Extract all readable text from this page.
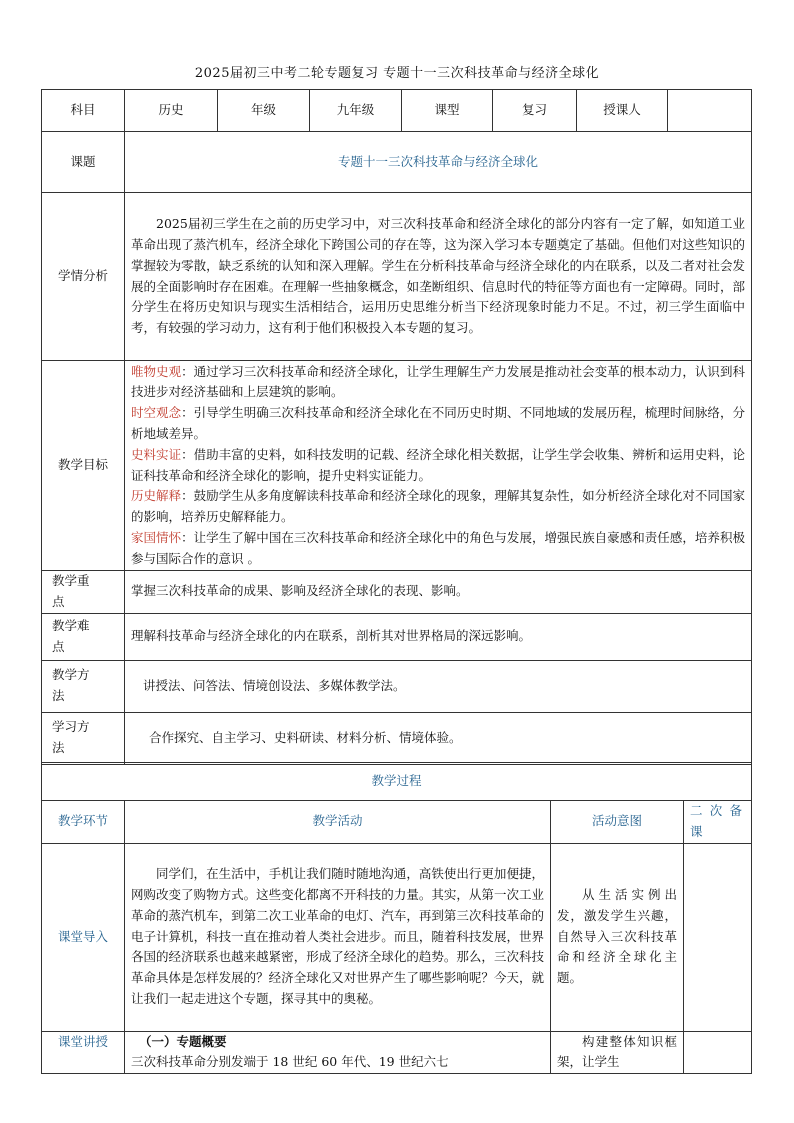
2025届初三中考二轮专题复习 专题十一三次科技革命与经济全球化
科目	历史	年级	九年级	课型	复习	授课人	
课题	专题十一三次科技革命与经济全球化						
学情分析	2025届初三学生在之前的历史学习中，对三次科技革命和经济全球化的部分内容有一定了解，如知道工业革命出现了蒸汽机车，经济全球化下跨国公司的存在等，这为深入学习本专题奠定了基础。但他们对这些知识的掌握较为零散，缺乏系统的认知和深入理解。学生在分析科技革命与经济全球化的内在联系，以及二者对社会发展的全面影响时存在困难。在理解一些抽象概念，如垄断组织、信息时代的特征等方面也有一定障碍。同时，部分学生在将历史知识与现实生活相结合，运用历史思维分析当下经济现象时能力不足。不过，初三学生面临中考，有较强的学习动力，这有利于他们积极投入本专题的复习。						
教学目标	唯物史观：通过学习三次科技革命和经济全球化，让学生理解生产力发展是推动社会变革的根本动力，认识到科技进步对经济基础和上层建筑的影响。

时空观念：引导学生明确三次科技革命和经济全球化在不同历史时期、不同地域的发展历程，梳理时间脉络，分析地域差异。

史料实证：借助丰富的史料，如科技发明的记载、经济全球化相关数据，让学生学会收集、辨析和运用史料，论证科技革命和经济全球化的影响，提升史料实证能力。

历史解释：鼓励学生从多角度解读科技革命和经济全球化的现象，理解其复杂性，如分析经济全球化对不同国家的影响，培养历史解释能力。

家国情怀：让学生了解中国在三次科技革命和经济全球化中的角色与发展，增强民族自豪感和责任感，培养积极参与国际合作的意识 。						

教学重
点	掌握三次科技革命的成果、影响及经济全球化的表现、影响。						

教学难
点	理解科技革命与经济全球化的内在联系，剖析其对世界格局的深远影响。						

教学方
法	讲授法、问答法、情境创设法、多媒体教学法。						

学习方
法	合作探究、自主学习、史料研读、材料分析、情境体验。						
教学过程			
教学环节	教学活动	活动意图	二次备课
课堂导入	同学们，在生活中，手机让我们随时随地沟通，高铁使出行更加便捷，网购改变了购物方式。这些变化都离不开科技的力量。其实，从第一次工业革命的蒸汽机车，到第二次工业革命的电灯、汽车，再到第三次科技革命的电子计算机，科技一直在推动着人类社会进步。而且，随着科技发展，世界各国的经济联系也越来越紧密，形成了经济全球化的趋势。那么，三次科技革命具体是怎样发展的？经济全球化又对世界产生了哪些影响呢？今天，就让我们一起走进这个专题，探寻其中的奥秘。	从生活实例出发，激发学生兴趣，自然导入三次科技革命和经济全球化主题。	
课堂讲授	（一）专题概要
三次科技革命分别发端于 18 世纪 60 年代、19 世纪六七	构建整体知识框架，让学生	
